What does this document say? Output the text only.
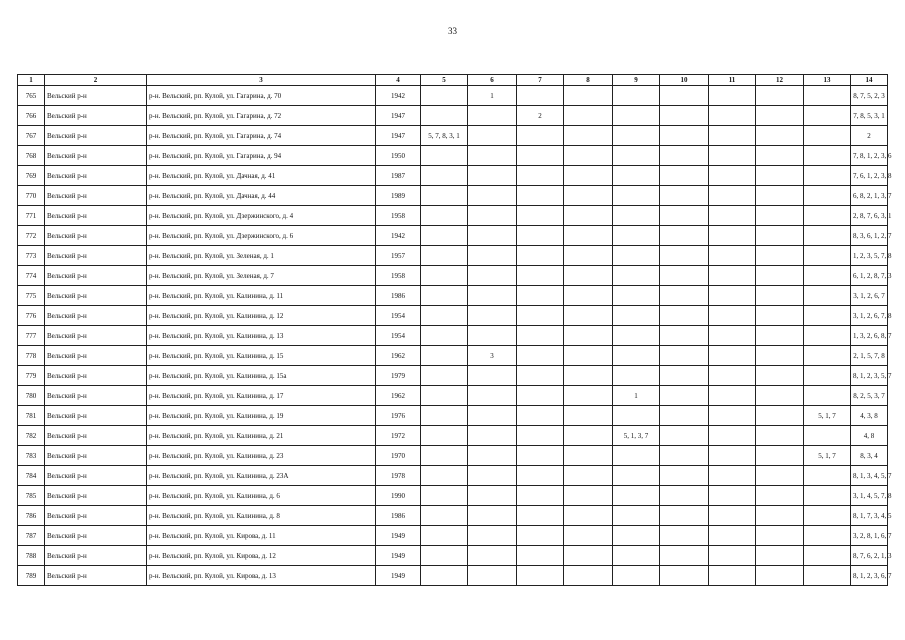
33
1	2	3	4	5	6	7	8	9	10	11	12	13	14
765	Вельский р-н	р-н. Вельский, рп. Кулой, ул. Гагарина, д. 70	1942		1								8, 7, 5, 2, 3
766	Вельский р-н	р-н. Вельский, рп. Кулой, ул. Гагарина, д. 72	1947			2							7, 8, 5, 3, 1
767	Вельский р-н	р-н. Вельский, рп. Кулой, ул. Гагарина, д. 74	1947	5, 7, 8, 3, 1									2
768	Вельский р-н	р-н. Вельский, рп. Кулой, ул. Гагарина, д. 94	1950										7, 8, 1, 2, 3, 6
769	Вельский р-н	р-н. Вельский, рп. Кулой, ул. Дачная, д. 41	1987										7, 6, 1, 2, 3, 8
770	Вельский р-н	р-н. Вельский, рп. Кулой, ул. Дачная, д. 44	1989										6, 8, 2, 1, 3, 7
771	Вельский р-н	р-н. Вельский, рп. Кулой, ул. Дзержинского, д. 4	1958										2, 8, 7, 6, 3, 1
772	Вельский р-н	р-н. Вельский, рп. Кулой, ул. Дзержинского, д. 6	1942										8, 3, 6, 1, 2, 7
773	Вельский р-н	р-н. Вельский, рп. Кулой, ул. Зеленая, д. 1	1957										1, 2, 3, 5, 7, 8
774	Вельский р-н	р-н. Вельский, рп. Кулой, ул. Зеленая, д. 7	1958										6, 1, 2, 8, 7, 3
775	Вельский р-н	р-н. Вельский, рп. Кулой, ул. Калинина, д. 11	1986										3, 1, 2, 6, 7
776	Вельский р-н	р-н. Вельский, рп. Кулой, ул. Калинина, д. 12	1954										3, 1, 2, 6, 7, 8
777	Вельский р-н	р-н. Вельский, рп. Кулой, ул. Калинина, д. 13	1954										1, 3, 2, 6, 8, 7
778	Вельский р-н	р-н. Вельский, рп. Кулой, ул. Калинина, д. 15	1962		3								2, 1, 5, 7, 8
779	Вельский р-н	р-н. Вельский, рп. Кулой, ул. Калинина, д. 15а	1979										8, 1, 2, 3, 5, 7
780	Вельский р-н	р-н. Вельский, рп. Кулой, ул. Калинина, д. 17	1962					1					8, 2, 5, 3, 7
781	Вельский р-н	р-н. Вельский, рп. Кулой, ул. Калинина, д. 19	1976									5, 1, 7	4, 3, 8
782	Вельский р-н	р-н. Вельский, рп. Кулой, ул. Калинина, д. 21	1972					5, 1, 3, 7					4, 8
783	Вельский р-н	р-н. Вельский, рп. Кулой, ул. Калинина, д. 23	1970									5, 1, 7	8, 3, 4
784	Вельский р-н	р-н. Вельский, рп. Кулой, ул. Калинина, д. 23А	1978										8, 1, 3, 4, 5, 7
785	Вельский р-н	р-н. Вельский, рп. Кулой, ул. Калинина, д. 6	1990										3, 1, 4, 5, 7, 8
786	Вельский р-н	р-н. Вельский, рп. Кулой, ул. Калинина, д. 8	1986										8, 1, 7, 3, 4, 5
787	Вельский р-н	р-н. Вельский, рп. Кулой, ул. Кирова, д. 11	1949										3, 2, 8, 1, 6, 7
788	Вельский р-н	р-н. Вельский, рп. Кулой, ул. Кирова, д. 12	1949										8, 7, 6, 2, 1, 3
789	Вельский р-н	р-н. Вельский, рп. Кулой, ул. Кирова, д. 13	1949										8, 1, 2, 3, 6, 7
